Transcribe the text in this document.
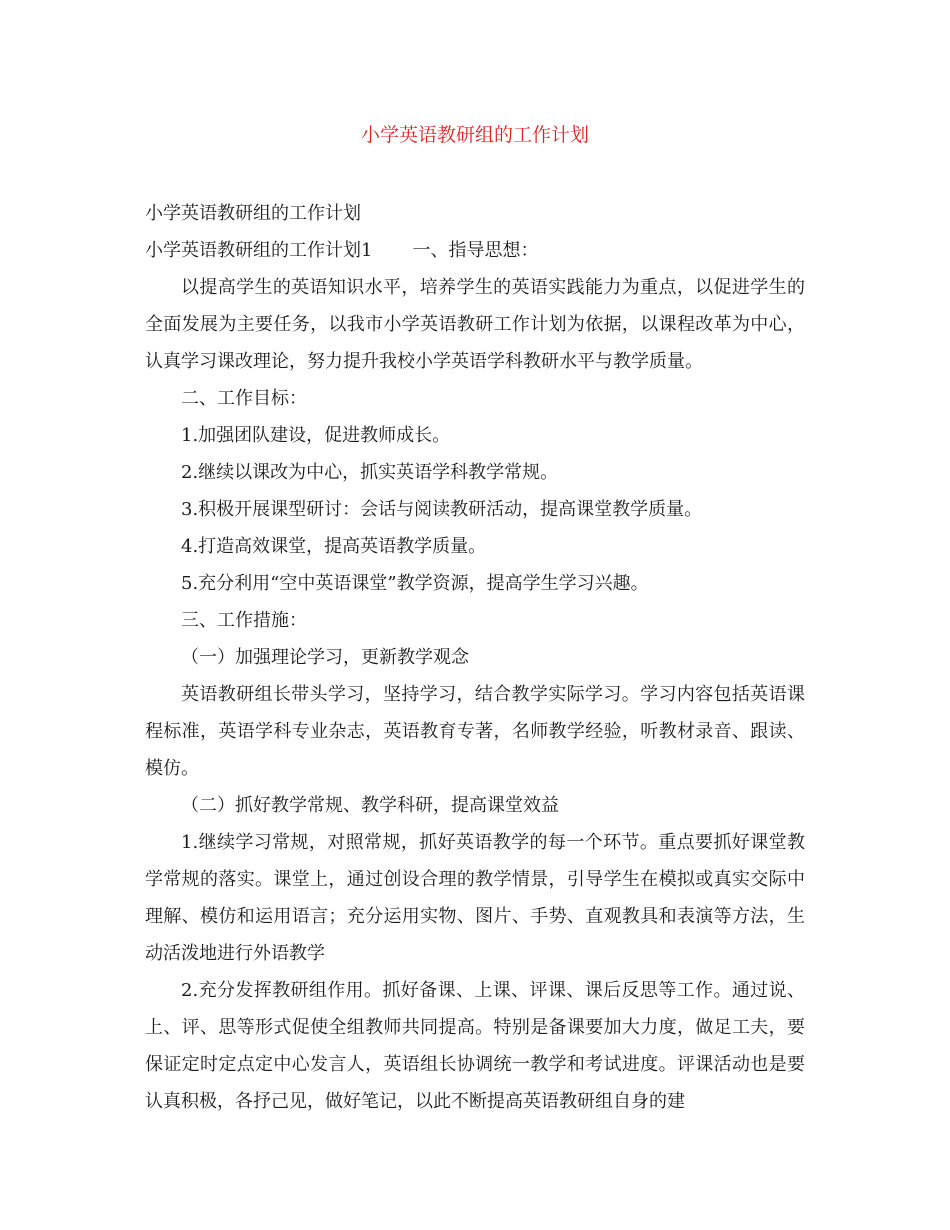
小学英语教研组的工作计划
小学英语教研组的工作计划
小学英语教研组的工作计划1 一、指导思想：

以提高学生的英语知识水平，培养学生的英语实践能力为重点，以促进学生的全面发展为主要任务，以我市小学英语教研工作计划为依据，以课程改革为中心，认真学习课改理论，努力提升我校小学英语学科教研水平与教学质量。

二、工作目标：
1.加强团队建设，促进教师成长。
2.继续以课改为中心，抓实英语学科教学常规。
3.积极开展课型研讨：会话与阅读教研活动，提高课堂教学质量。
4.打造高效课堂，提高英语教学质量。
5.充分利用“空中英语课堂”教学资源，提高学生学习兴趣。
三、工作措施：
（一）加强理论学习，更新教学观念

英语教研组长带头学习，坚持学习，结合教学实际学习。学习内容包括英语课程标准，英语学科专业杂志，英语教育专著，名师教学经验，听教材录音、跟读、模仿。

（二）抓好教学常规、教学科研，提高课堂效益

1.继续学习常规，对照常规，抓好英语教学的每一个环节。重点要抓好课堂教学常规的落实。课堂上，通过创设合理的教学情景，引导学生在模拟或真实交际中理解、模仿和运用语言；充分运用实物、图片、手势、直观教具和表演等方法，生动活泼地进行外语教学

2.充分发挥教研组作用。抓好备课、上课、评课、课后反思等工作。通过说、上、评、思等形式促使全组教师共同提高。特别是备课要加大力度，做足工夫，要保证定时定点定中心发言人，英语组长协调统一教学和考试进度。评课活动也是要认真积极，各抒己见，做好笔记，以此不断提高英语教研组自身的建
